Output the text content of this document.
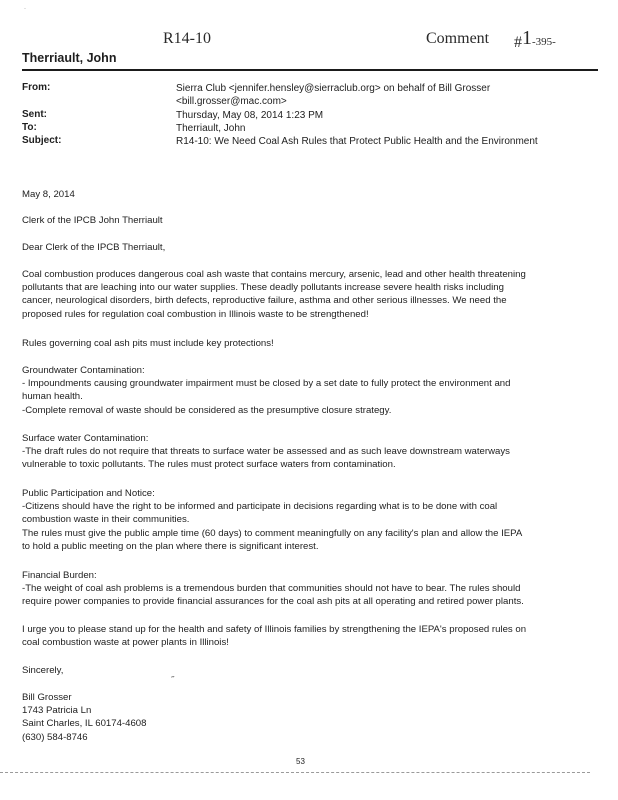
·
R14-10	Comment #1-395-
Therriault, John
From:	Sierra Club <jennifer.hensley@sierraclub.org> on behalf of Bill Grosser
<bill.grosser@mac.com>
Sent:	Thursday, May 08, 2014 1:23 PM
To:	Therriault, John
Subject:	R14-10: We Need Coal Ash Rules that Protect Public Health and the Environment
May 8, 2014
Clerk of the IPCB John Therriault
Dear Clerk of the IPCB Therriault,
Coal combustion produces dangerous coal ash waste that contains mercury, arsenic, lead and other health threatening
pollutants that are leaching into our water supplies. These deadly pollutants increase severe health risks including
cancer, neurological disorders, birth defects, reproductive failure, asthma and other serious illnesses. We need the
proposed rules for regulation coal combustion in Illinois waste to be strengthened!
Rules governing coal ash pits must include key protections!
Groundwater Contamination:
- Impoundments causing groundwater impairment must be closed by a set date to fully protect the environment and
human health.
-Complete removal of waste should be considered as the presumptive closure strategy.
Surface water Contamination:
-The draft rules do not require that threats to surface water be assessed and as such leave downstream waterways
vulnerable to toxic pollutants. The rules must protect surface waters from contamination.
Public Participation and Notice:
-Citizens should have the right to be informed and participate in decisions regarding what is to be done with coal
combustion waste in their communities.
The rules must give the public ample time (60 days) to comment meaningfully on any facility's plan and allow the IEPA
to hold a public meeting on the plan where there is significant interest.
Financial Burden:
-The weight of coal ash problems is a tremendous burden that communities should not have to bear. The rules should
require power companies to provide financial assurances for the coal ash pits at all operating and retired power plants.
I urge you to please stand up for the health and safety of Illinois families by strengthening the IEPA's proposed rules on
coal combustion waste at power plants in Illinois!
Sincerely,
˝
Bill Grosser
1743 Patricia Ln
Saint Charles, IL 60174-4608
(630) 584-8746
53
